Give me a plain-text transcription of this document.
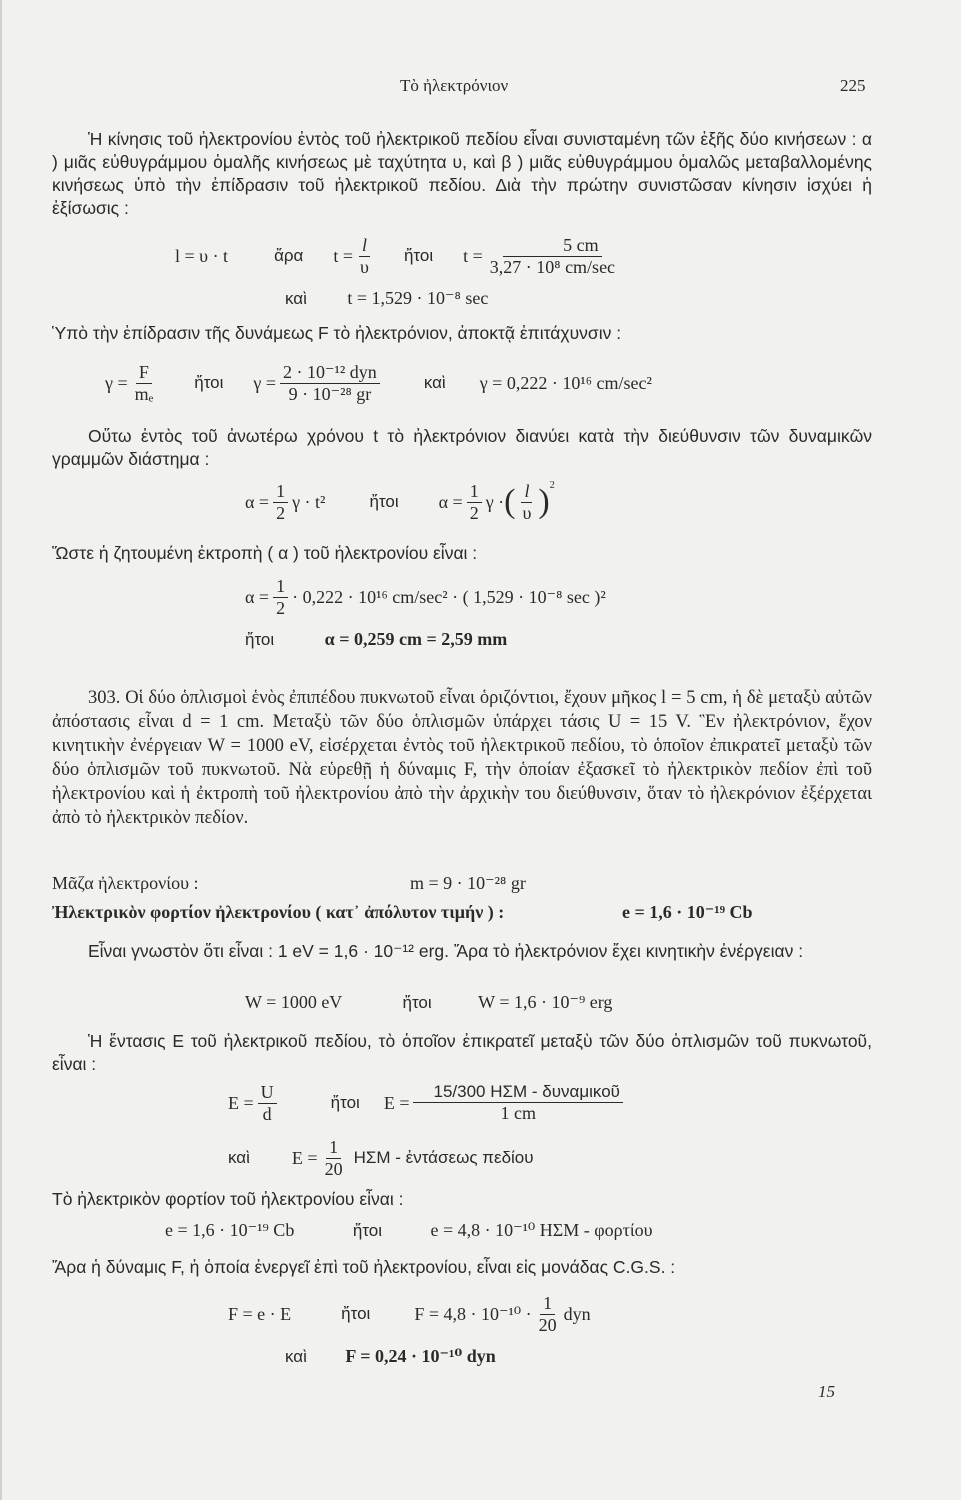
Τὸ ἠλεκτρόνιον	225
Ἡ κίνησις τοῦ ἠλεκτρονίου ἐντὸς τοῦ ἠλεκτρικοῦ πεδίου εἶναι συνισταμένη τῶν ἑξῆς δύο κινήσεων : α ) μιᾶς εὐθυγράμμου ὁμαλῆς κινήσεως μὲ ταχύτητα υ, καὶ β ) μιᾶς εὐθυγράμμου ὁμαλῶς μεταβαλλομένης κινήσεως ὑπὸ τὴν ἐπίδρασιν τοῦ ἠλεκτρικοῦ πεδίου. Διὰ τὴν πρώτην συνιστῶσαν κίνησιν ἰσχύει ἡ ἐξίσωσις :
l = υ · t	ἄρα $t = \frac{l}{\upsilon}$ ἤτοι $t = \frac{5 cm}{\text{3,27 · 10⁸ cm/sec}}$
καὶ t = 1,529 · 10⁻⁸ sec
Ὑπὸ τὴν ἐπίδρασιν τῆς δυνάμεως F τὸ ἠλεκτρόνιον, ἀποκτᾷ ἐπιτάχυνσιν :
$\gamma = \frac{F}{\text{mₑ}}$ ἤτοι $\gamma = \frac{\text{2 · 10⁻¹² dyn}}{\text{9 · 10⁻²⁸ gr}}$	καὶ γ = 0,222 · 10¹⁶ cm/sec²
Οὕτω ἐντὸς τοῦ ἀνωτέρω χρόνου t τὸ ἠλεκτρόνιον διανύει κατὰ τὴν διεύθυνσιν τῶν δυναμικῶν γραμμῶν διάστημα :
$\alpha = \frac{1}{2}$ γ · t²	ἤτοι $\alpha = \frac{1}{2}$ γ · ( $\frac{l}{\upsilon} )^2$
Ὥστε ἡ ζητουμένη ἐκτροπὴ ( α ) τοῦ ἠλεκτρονίου εἶναι :
$\alpha = \frac{1}{2} \cdot 0,222 \cdot 10^{16}$ cm/sec² · ( 1,529 · 10⁻⁸ sec )²
ἤτοι	α = 0,259 cm = 2,59 mm
303. Οἱ δύο ὁπλισμοὶ ἑνὸς ἐπιπέδου πυκνωτοῦ εἶναι ὁριζόντιοι, ἔχουν μῆκος l = 5 cm, ἡ δὲ μεταξὺ αὐτῶν ἀπόστασις εἶναι d = 1 cm. Μεταξὺ τῶν δύο ὁπλισμῶν ὑπάρχει τάσις U = 15 V. Ἓν ἠλεκτρόνιον, ἔχον κινητικὴν ἐνέργειαν W = 1000 eV, εἰσέρχεται ἐντὸς τοῦ ἠλεκτρικοῦ πεδίου, τὸ ὁποῖον ἐπικρατεῖ μεταξὺ τῶν δύο ὁπλισμῶν τοῦ πυκνωτοῦ. Νὰ εὑρεθῇ ἡ δύναμις F, τὴν ὁποίαν ἐξασκεῖ τὸ ἠλεκτρικὸν πεδίον ἐπὶ τοῦ ἠλεκτρονίου καὶ ἡ ἐκτροπὴ τοῦ ἠλεκτρονίου ἀπὸ τὴν ἀρχικὴν του διεύθυνσιν, ὅταν τὸ ἠλεκρόνιον ἐξέρχεται ἀπὸ τὸ ἠλεκτρικὸν πεδίον.
Μᾶζα ἠλεκτρονίου :	m = 9 · 10⁻²⁸ gr
Ἠλεκτρικὸν φορτίον ἠλεκτρονίου ( κατ᾽ ἀπόλυτον τιμήν ) :	e = 1,6 · 10⁻¹⁹ Cb
Εἶναι γνωστὸν ὅτι εἶναι : 1 eV = 1,6 · 10⁻¹² erg. Ἄρα τὸ ἠλεκτρόνιον ἔχει κινητικὴν ἐνέργειαν :
W = 1000 eV	ἤτοι	W = 1,6 · 10⁻⁹ erg
Ἡ ἔντασις E τοῦ ἠλεκτρικοῦ πεδίου, τὸ ὁποῖον ἐπικρατεῖ μεταξὺ τῶν δύο ὁπλισμῶν τοῦ πυκνωτοῦ, εἶναι :
$E = \frac{U}{d}$	ἤτοι $E = \frac{\text{15/300 ΗΣΜ - δυναμικοῦ}}{1 cm}$
καὶ $E = \frac{1}{20}$ ΗΣΜ - ἐντάσεως πεδίου
Τὸ ἠλεκτρικὸν φορτίον τοῦ ἠλεκτρονίου εἶναι :
e = 1,6 · 10⁻¹⁹ Cb	ἤτοι	e = 4,8 · 10⁻¹⁰ ΗΣΜ - φορτίου
Ἄρα ἡ δύναμις F, ἡ ὁποία ἐνεργεῖ ἐπὶ τοῦ ἠλεκτρονίου, εἶναι εἰς μονάδας C.G.S. :
F = e · E	ἤτοι $F = 4,8 \cdot 10^{-10} \cdot \frac{1}{20}$ dyn
καὶ F = 0,24 · 10⁻¹⁰ dyn
15
